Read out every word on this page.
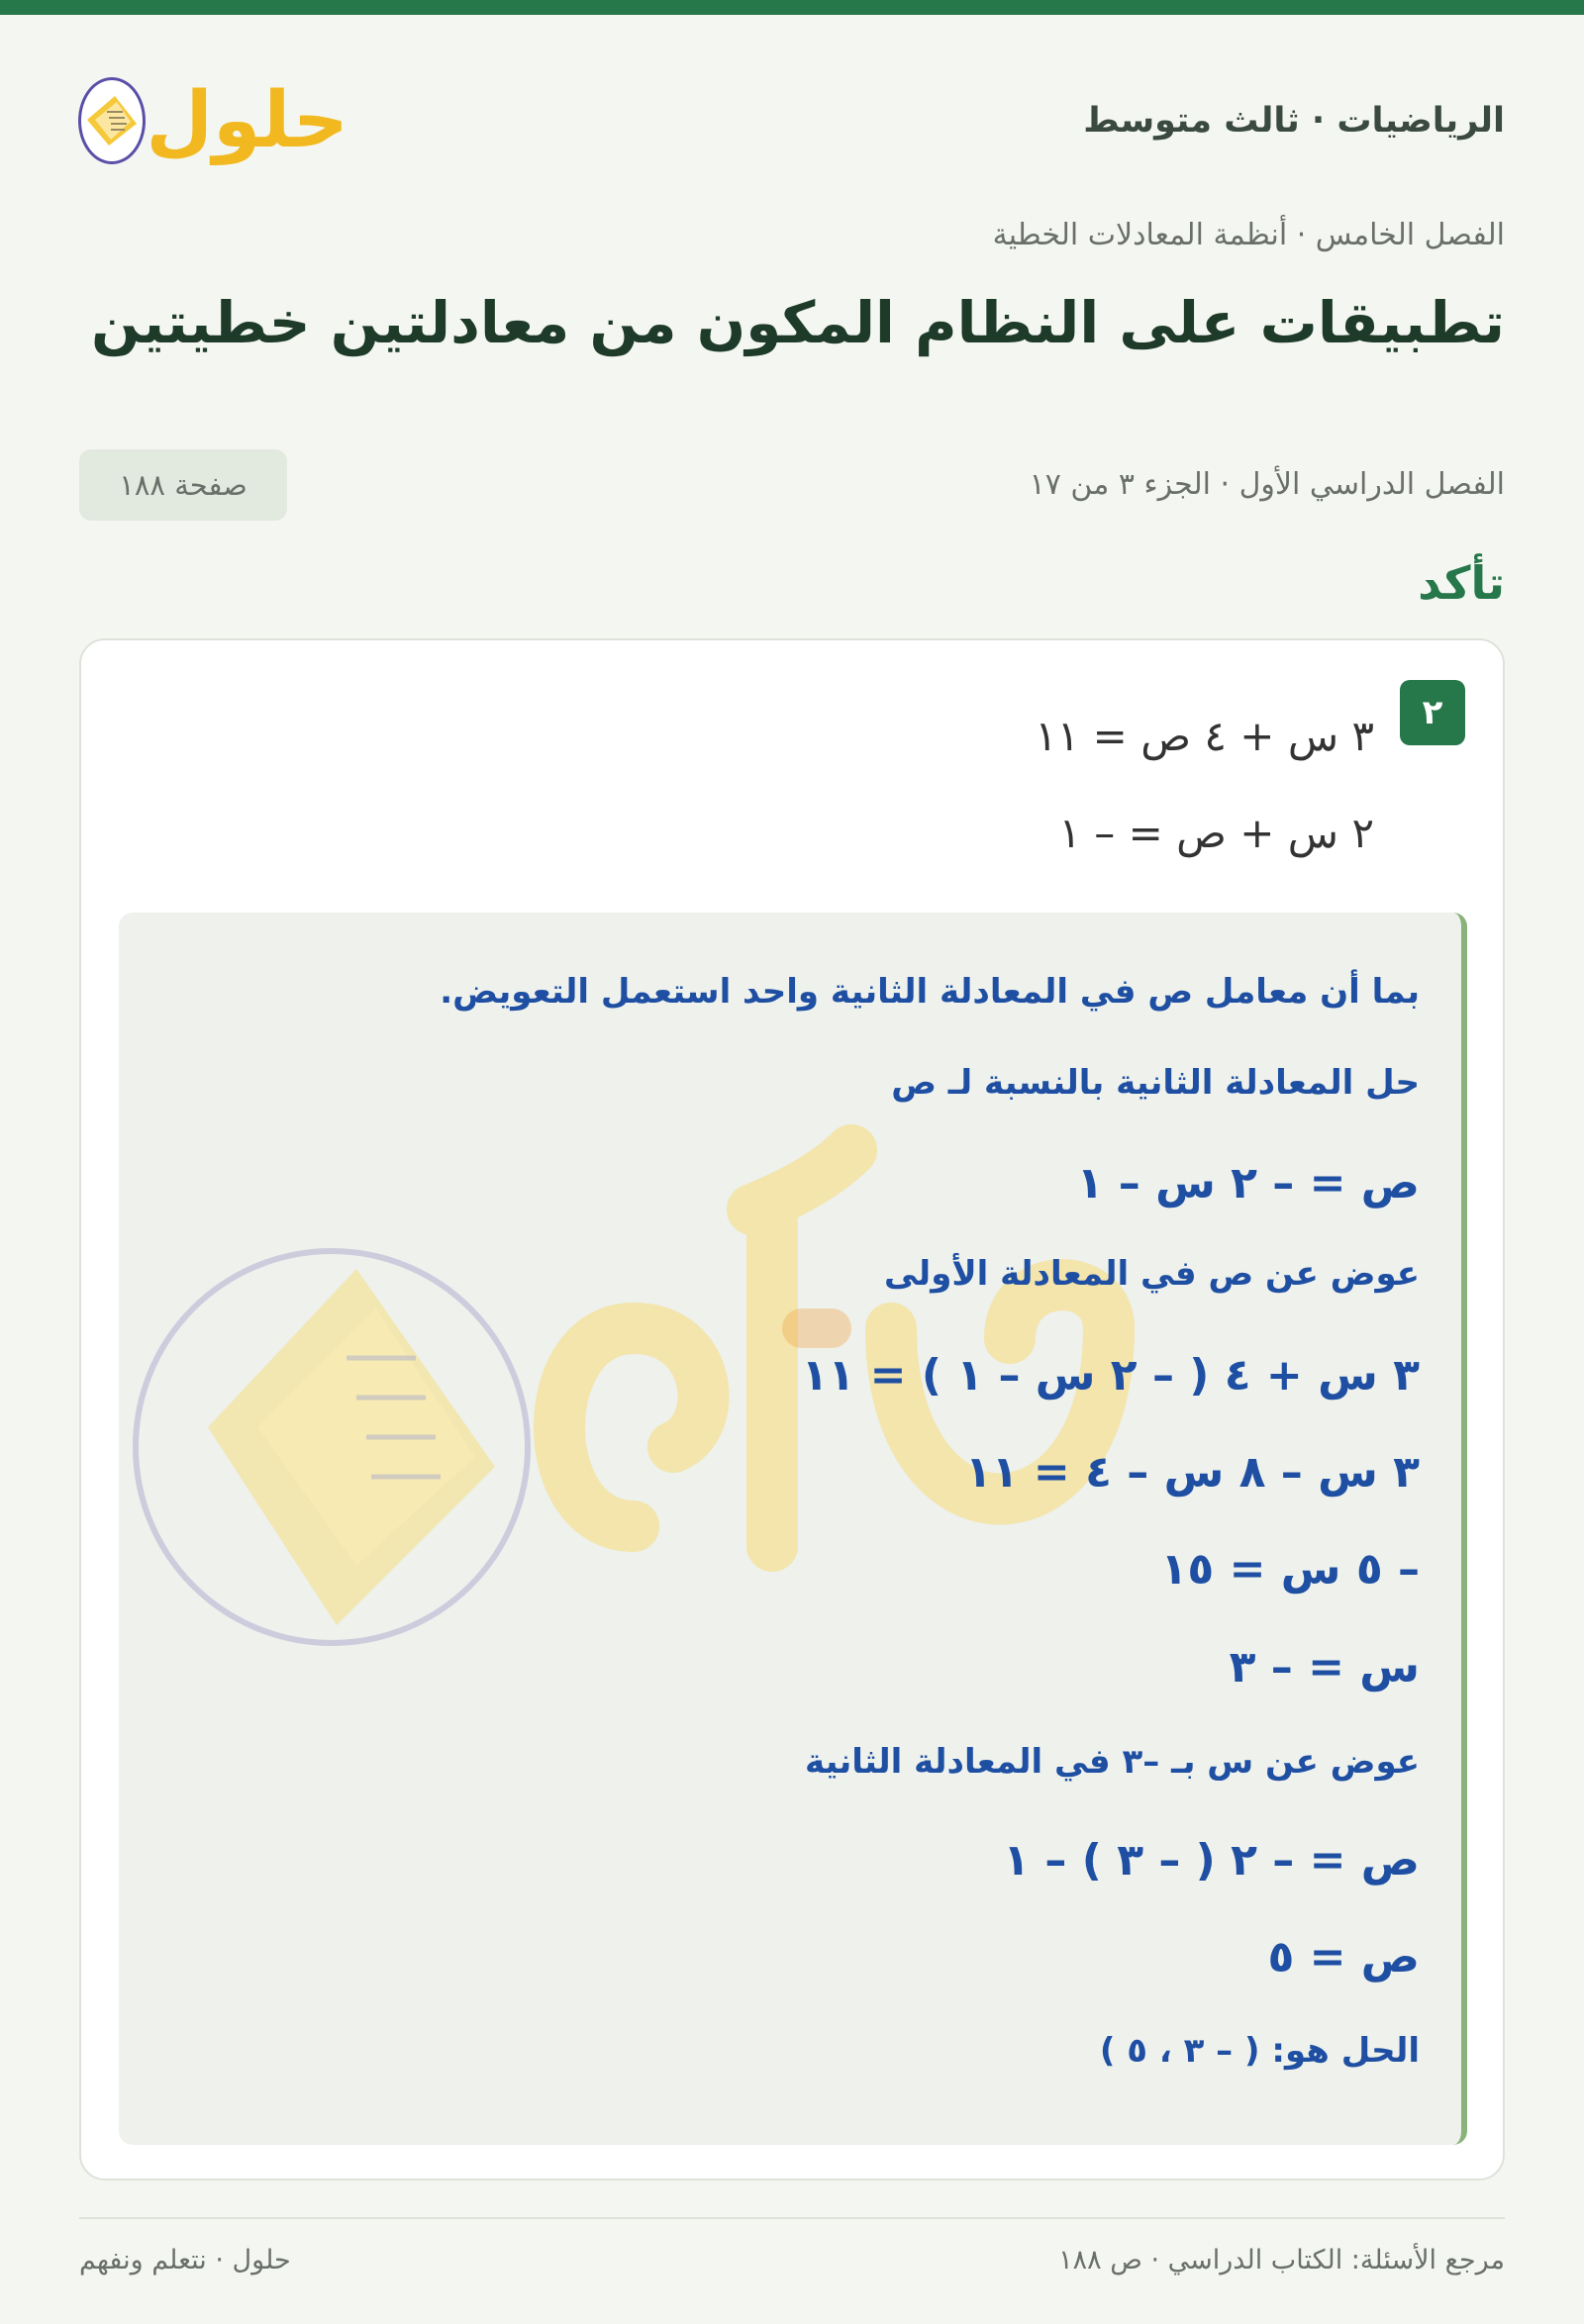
الرياضيات · ثالث متوسط
حلول
الفصل الخامس · أنظمة المعادلات الخطية
تطبيقات على النظام المكون من معادلتين خطيتين
الفصل الدراسي الأول · الجزء ٣ من ١٧
صفحة ١٨٨
تأكد
٢
٣ س + ٤ ص = ١١
٢ س + ص = – ١
بما أن معامل ص في المعادلة الثانية واحد استعمل التعويض.
حل المعادلة الثانية بالنسبة لـ ص
ص = – ٢ س – ١
عوض عن ص في المعادلة الأولى
٣ س + ٤ ( – ٢ س – ١ ) = ١١
٣ س – ٨ س – ٤ = ١١
– ٥ س = ١٥
س = – ٣
عوض عن س بـ –٣ في المعادلة الثانية
ص = – ٢ ( – ٣ ) – ١
ص = ٥
الحل هو: ( – ٣ ، ٥ )
مرجع الأسئلة: الكتاب الدراسي · ص ١٨٨
حلول · نتعلم ونفهم
